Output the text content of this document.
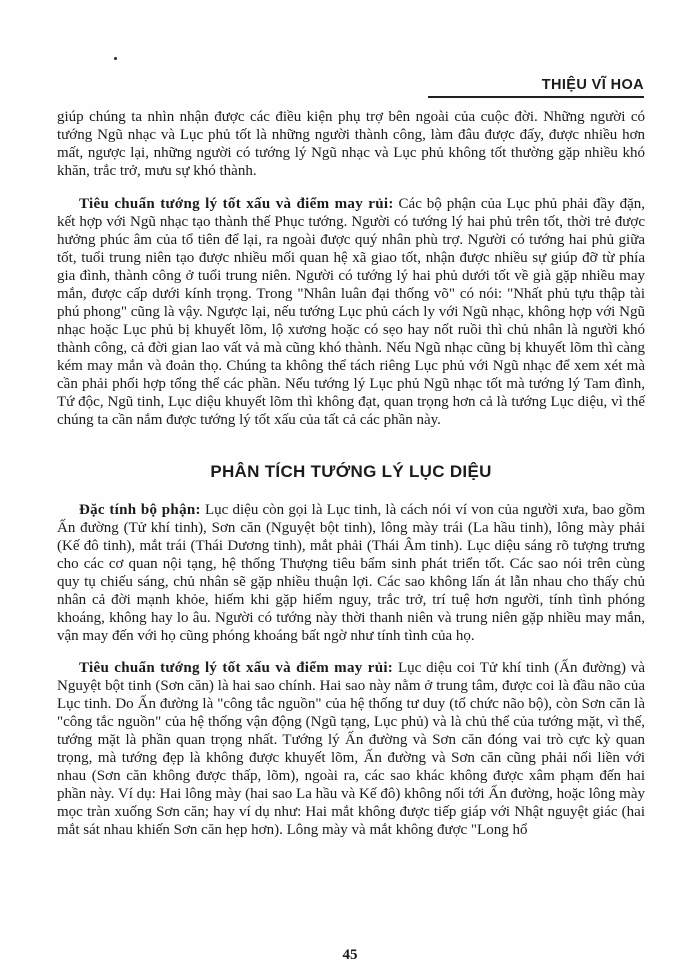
THIỆU VĨ HOA

giúp chúng ta nhìn nhận được các điều kiện phụ trợ bên ngoài của cuộc đời. Những người có tướng Ngũ nhạc và Lục phủ tốt là những người thành công, làm đâu được đấy, được nhiều hơn mất, ngược lại, những người có tướng lý Ngũ nhạc và Lục phủ không tốt thường gặp nhiều khó khăn, trắc trở, mưu sự khó thành.

Tiêu chuẩn tướng lý tốt xấu và điểm may rủi: Các bộ phận của Lục phủ phải đầy đặn, kết hợp với Ngũ nhạc tạo thành thế Phục tướng. Người có tướng lý hai phủ trên tốt, thời trẻ được hưởng phúc âm của tổ tiên để lại, ra ngoài được quý nhân phù trợ. Người có tướng hai phủ giữa tốt, tuổi trung niên tạo được nhiều mối quan hệ xã giao tốt, nhận được nhiều sự giúp đỡ từ phía gia đình, thành công ở tuổi trung niên. Người có tướng lý hai phủ dưới tốt về già gặp nhiều may mắn, được cấp dưới kính trọng. Trong "Nhân luân đại thống võ" có nói: "Nhất phủ tựu thập tài phú phong" cũng là vậy. Ngược lại, nếu tướng Lục phủ cách ly với Ngũ nhạc, không hợp với Ngũ nhạc hoặc Lục phủ bị khuyết lõm, lộ xương hoặc có sẹo hay nốt ruồi thì chủ nhân là người khó thành công, cả đời gian lao vất vả mà cũng khó thành. Nếu Ngũ nhạc cũng bị khuyết lõm thì càng kém may mắn và đoản thọ. Chúng ta không thể tách riêng Lục phủ với Ngũ nhạc để xem xét mà cần phải phối hợp tổng thể các phần. Nếu tướng lý Lục phủ Ngũ nhạc tốt mà tướng lý Tam đình, Tứ độc, Ngũ tinh, Lục diệu khuyết lõm thì không đạt, quan trọng hơn cả là tướng Lục diệu, vì thế chúng ta cần nắm được tướng lý tốt xấu của tất cả các phần này.

PHÂN TÍCH TƯỚNG LÝ LỤC DIỆU

Đặc tính bộ phận: Lục diệu còn gọi là Lục tinh, là cách nói ví von của người xưa, bao gồm Ấn đường (Tử khí tinh), Sơn căn (Nguyệt bột tinh), lông mày trái (La hầu tinh), lông mày phải (Kế đô tinh), mắt trái (Thái Dương tinh), mắt phải (Thái Âm tinh). Lục diệu sáng rõ tượng trưng cho các cơ quan nội tạng, hệ thống Thượng tiêu bẩm sinh phát triển tốt. Các sao nói trên cùng quy tụ chiếu sáng, chủ nhân sẽ gặp nhiều thuận lợi. Các sao không lấn át lẫn nhau cho thấy chủ nhân cả đời mạnh khỏe, hiếm khi gặp hiểm nguy, trắc trở, trí tuệ hơn người, tính tình phóng khoáng, không hay lo âu. Người có tướng này thời thanh niên và trung niên gặp nhiều may mắn, vận may đến với họ cũng phóng khoáng bất ngờ như tính tình của họ.

Tiêu chuẩn tướng lý tốt xấu và điểm may rủi: Lục diệu coi Tử khí tinh (Ấn đường) và Nguyệt bột tinh (Sơn căn) là hai sao chính. Hai sao này nằm ở trung tâm, được coi là đầu não của Lục tinh. Do Ấn đường là "công tắc nguồn" của hệ thống tư duy (tổ chức não bộ), còn Sơn căn là "công tắc nguồn" của hệ thống vận động (Ngũ tạng, Lục phủ) và là chủ thể của tướng mặt, vì thế, tướng mặt là phần quan trọng nhất. Tướng lý Ấn đường và Sơn căn đóng vai trò cực kỳ quan trọng, mà tướng đẹp là không được khuyết lõm, Ấn đường và Sơn căn cũng phải nối liền với nhau (Sơn căn không được thấp, lõm), ngoài ra, các sao khác không được xâm phạm đến hai phần này. Ví dụ: Hai lông mày (hai sao La hầu và Kế đô) không nối tới Ấn đường, hoặc lông mày mọc tràn xuống Sơn căn; hay ví dụ như: Hai mắt không được tiếp giáp với Nhật nguyệt giác (hai mắt sát nhau khiến Sơn căn hẹp hơn). Lông mày và mắt không được "Long hổ

45
